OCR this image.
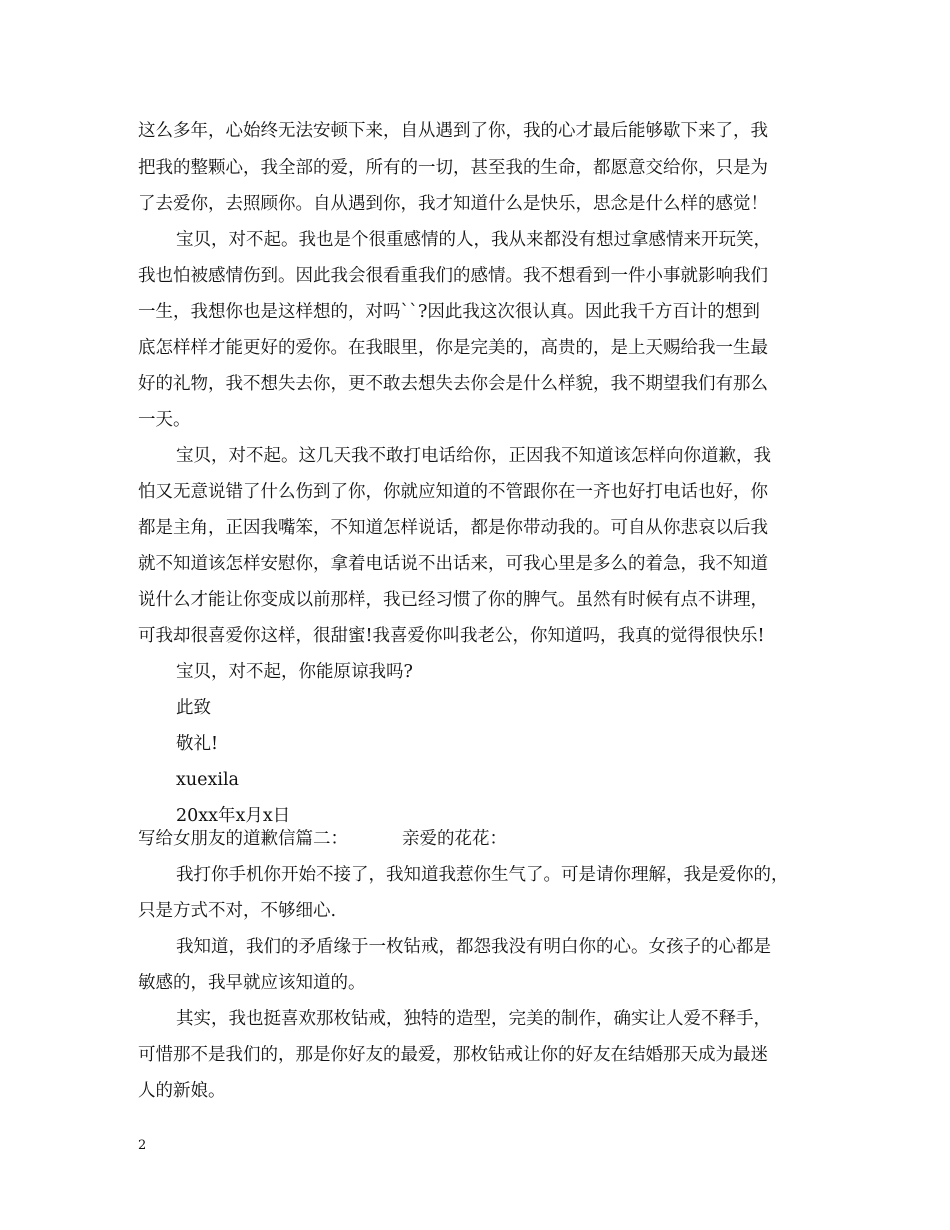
这么多年，心始终无法安顿下来，自从遇到了你，我的心才最后能够歇下来了，我
把我的整颗心，我全部的爱，所有的一切，甚至我的生命，都愿意交给你，只是为
了去爱你，去照顾你。自从遇到你，我才知道什么是快乐，思念是什么样的感觉！
宝贝，对不起。我也是个很重感情的人，我从来都没有想过拿感情来开玩笑，
我也怕被感情伤到。因此我会很看重我们的感情。我不想看到一件小事就影响我们
一生，我想你也是这样想的，对吗``?因此我这次很认真。因此我千方百计的想到
底怎样样才能更好的爱你。在我眼里，你是完美的，高贵的，是上天赐给我一生最
好的礼物，我不想失去你，更不敢去想失去你会是什么样貌，我不期望我们有那么
一天。
宝贝，对不起。这几天我不敢打电话给你，正因我不知道该怎样向你道歉，我
怕又无意说错了什么伤到了你，你就应知道的不管跟你在一齐也好打电话也好，你
都是主角，正因我嘴笨，不知道怎样说话，都是你带动我的。可自从你悲哀以后我
就不知道该怎样安慰你，拿着电话说不出话来，可我心里是多么的着急，我不知道
说什么才能让你变成以前那样，我已经习惯了你的脾气。虽然有时候有点不讲理，
可我却很喜爱你这样，很甜蜜!我喜爱你叫我老公，你知道吗，我真的觉得很快乐!
宝贝，对不起，你能原谅我吗?
此致
敬礼!
xuexila
20xx年x月x日
写给女朋友的道歉信篇二：	亲爱的花花：
我打你手机你开始不接了，我知道我惹你生气了。可是请你理解，我是爱你的，
只是方式不对，不够细心.
我知道，我们的矛盾缘于一枚钻戒，都怨我没有明白你的心。女孩子的心都是
敏感的，我早就应该知道的。
其实，我也挺喜欢那枚钻戒，独特的造型，完美的制作，确实让人爱不释手，
可惜那不是我们的，那是你好友的最爱，那枚钻戒让你的好友在结婚那天成为最迷
人的新娘。
2
